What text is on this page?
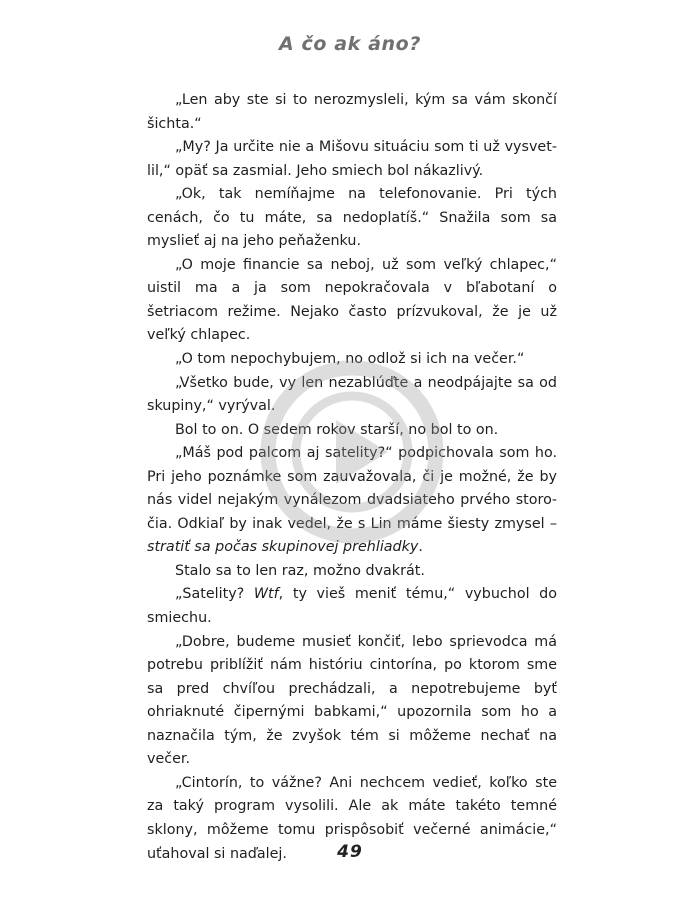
A čo ak áno?

„Len aby ste si to nerozmysleli, kým sa vám skončí šichta.“

„My? Ja určite nie a Mišovu situáciu som ti už vysvetlil,“ opäť sa zasmial. Jeho smiech bol nákazlivý.

„Ok, tak nemíňajme na telefonovanie. Pri tých cenách, čo tu máte, sa nedoplatíš.“ Snažila som sa myslieť aj na jeho peňaženku.

„O moje financie sa neboj, už som veľký chlapec,“ uistil ma a ja som nepokračovala v bľabotaní o šetriacom režime. Nejako často prízvukoval, že je už veľký chlapec.

„O tom nepochybujem, no odlož si ich na večer.“

„Všetko bude, vy len nezablúďte a neodpájajte sa od skupiny,“ vyrýval.

Bol to on. O sedem rokov starší, no bol to on.

„Máš pod palcom aj satelity?“ podpichovala som ho. Pri jeho poznámke som zauvažovala, či je možné, že by nás videl nejakým vynálezom dvadsiateho prvého storočia. Odkiaľ by inak vedel, že s Lin máme šiesty zmysel – stratiť sa počas skupinovej prehliadky.

Stalo sa to len raz, možno dvakrát.

„Satelity? Wtf, ty vieš meniť tému,“ vybuchol do smiechu.

„Dobre, budeme musieť končiť, lebo sprievodca má potrebu priblížiť nám históriu cintorína, po ktorom sme sa pred chvíľou prechádzali, a nepotrebujeme byť ohriaknuté čipernými babkami,“ upozornila som ho a naznačila tým, že zvyšok tém si môžeme nechať na večer.

„Cintorín, to vážne? Ani nechcem vedieť, koľko ste za taký program vysolili. Ale ak máte takéto temné sklony, môžeme tomu prispôsobiť večerné animácie,“ uťahoval si naďalej.	49
